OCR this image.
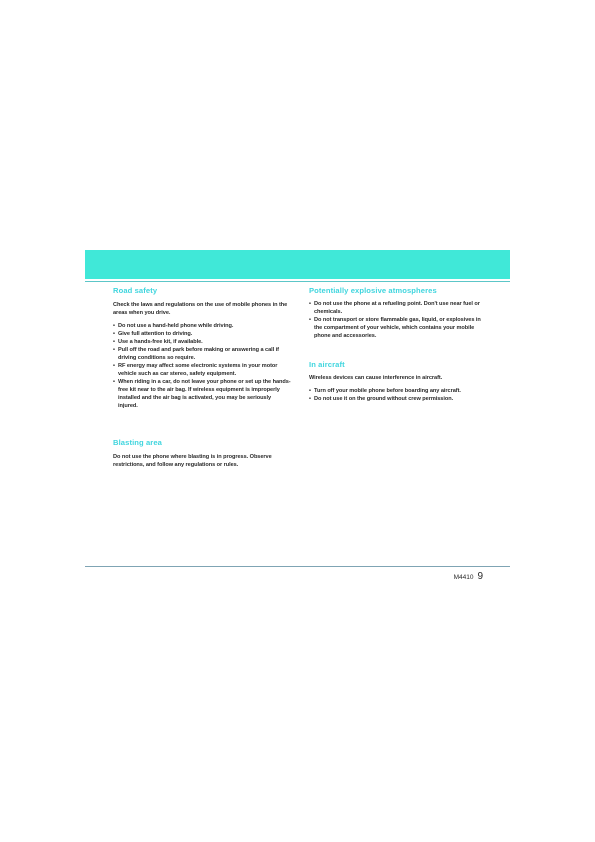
Road safety

Check the laws and regulations on the use of mobile phones in the areas when you drive.

• Do not use a hand-held phone while driving.
• Give full attention to driving.
• Use a hands-free kit, if available.
• Pull off the road and park before making or answering a call if driving conditions so require.
• RF energy may affect some electronic systems in your motor vehicle such as car stereo, safety equipment.
• When riding in a car, do not leave your phone or set up the hands-free kit near to the air bag. If wireless equipment is improperly installed and the air bag is activated, you may be seriously injured.
Blasting area

Do not use the phone where blasting is in progress. Observe restrictions, and follow any regulations or rules.

Potentially explosive atmospheres
• Do not use the phone at a refueling point. Don't use near fuel or chemicals.
• Do not transport or store flammable gas, liquid, or explosives in the compartment of your vehicle, which contains your mobile phone and accessories.
In aircraft

Wireless devices can cause interference in aircraft.

• Turn off your mobile phone before boarding any aircraft.
• Do not use it on the ground without crew permission.
M4410 9
